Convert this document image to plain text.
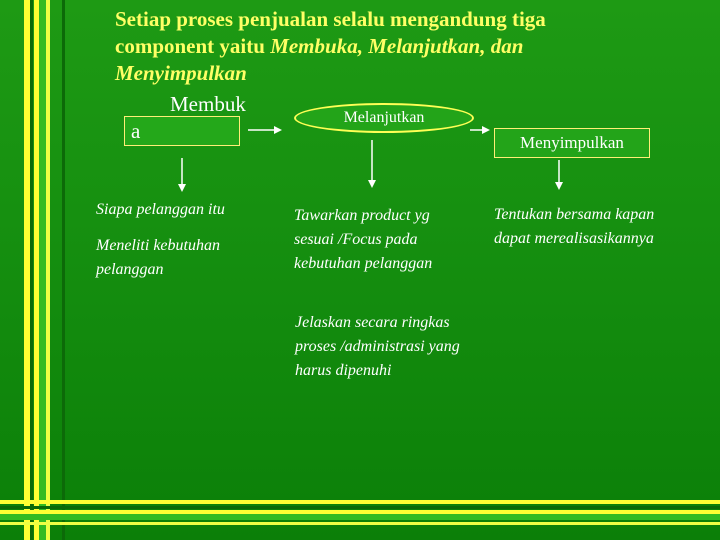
Setiap proses penjualan selalu mengandung tiga
component yaitu Membuka, Melanjutkan, dan
Menyimpulkan
Membuk
a
Melanjutkan
Menyimpulkan
Siapa pelanggan itu
Meneliti kebutuhan pelanggan
Tawarkan product yg sesuai /Focus pada kebutuhan pelanggan
Jelaskan secara ringkas proses /administrasi yang harus dipenuhi
Tentukan bersama kapan dapat merealisasikannya
